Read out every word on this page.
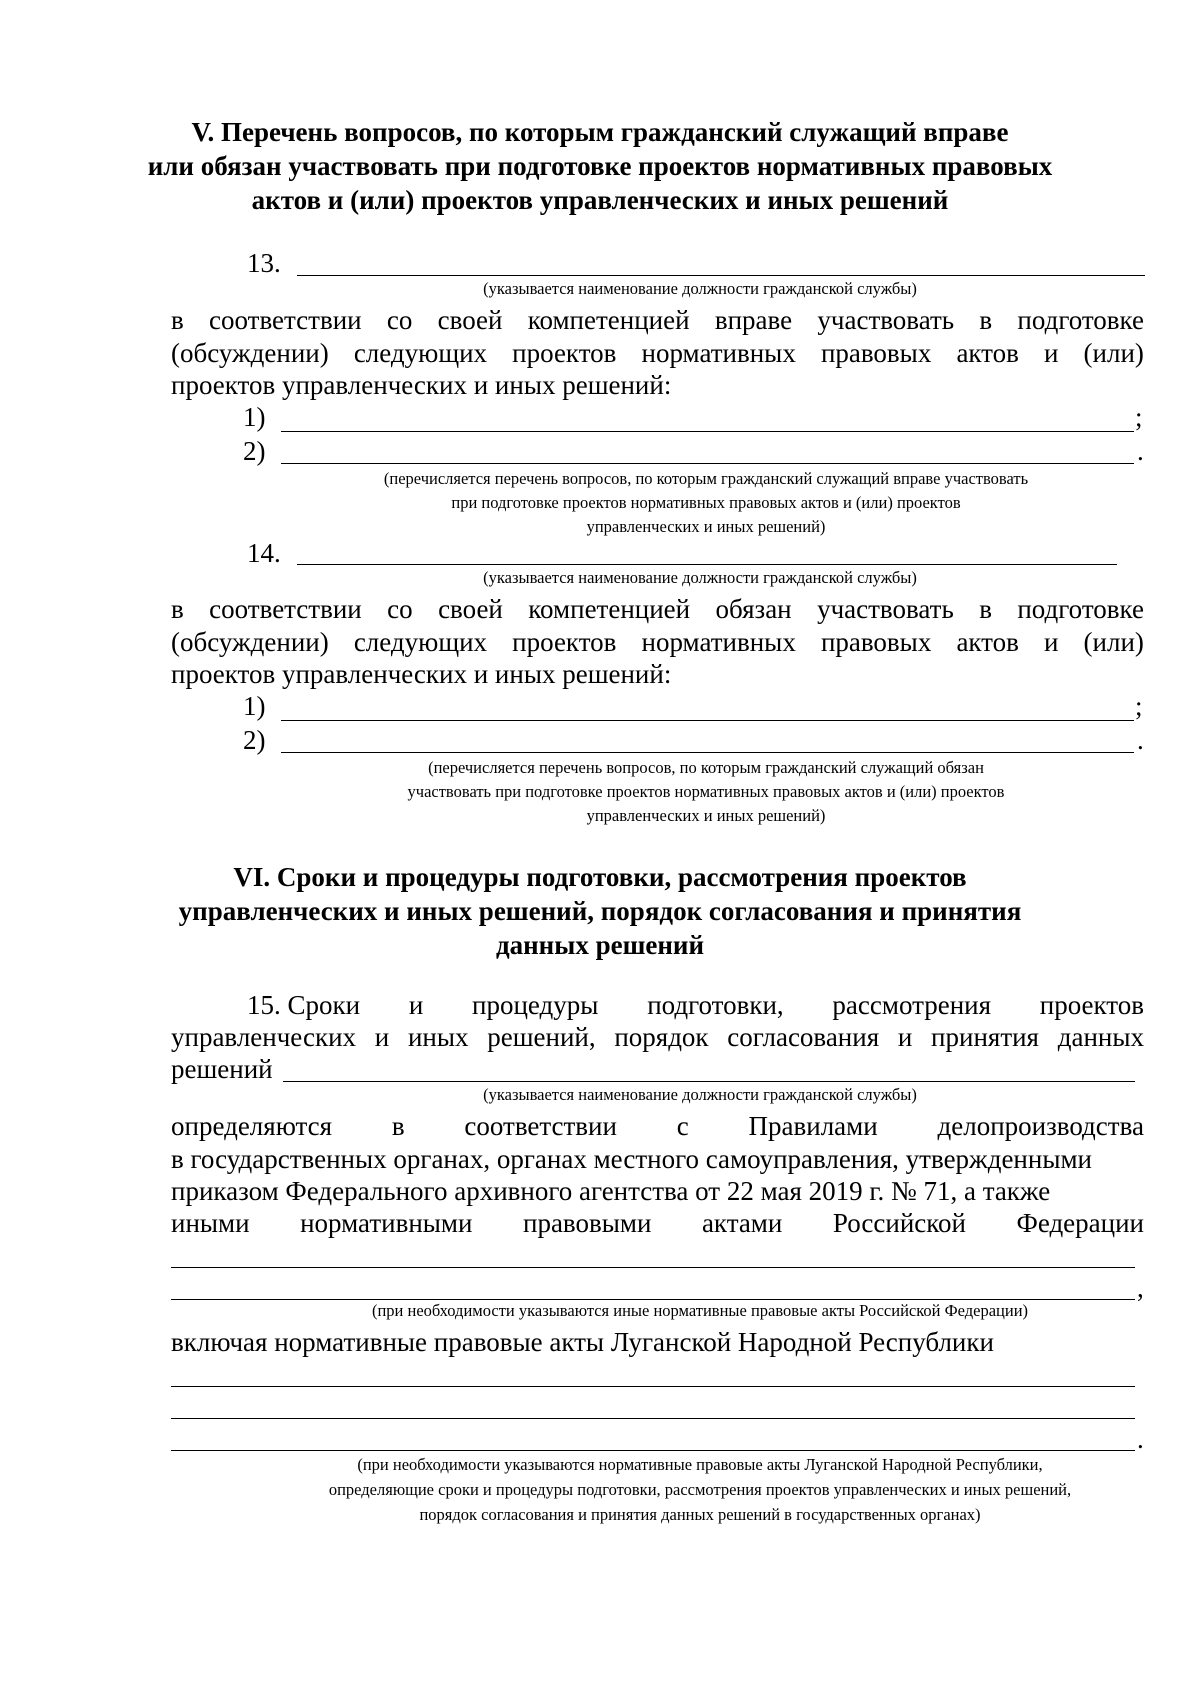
V. Перечень вопросов, по которым гражданский служащий вправе
или обязан участвовать при подготовке проектов нормативных правовых
актов и (или) проектов управленческих и иных решений
13.
(указывается наименование должности гражданской службы)
в соответствии со своей компетенцией вправе участвовать в подготовке
(обсуждении) следующих проектов нормативных правовых актов и (или)
проектов управленческих и иных решений:
1)	;
2)	.
(перечисляется перечень вопросов, по которым гражданский служащий вправе участвовать
при подготовке проектов нормативных правовых актов и (или) проектов
управленческих и иных решений)
14.
(указывается наименование должности гражданской службы)
в соответствии со своей компетенцией обязан участвовать в подготовке
(обсуждении) следующих проектов нормативных правовых актов и (или)
проектов управленческих и иных решений:
1)	;
2)	.
(перечисляется перечень вопросов, по которым гражданский служащий обязан
участвовать при подготовке проектов нормативных правовых актов и (или) проектов
управленческих и иных решений)
VI. Сроки и процедуры подготовки, рассмотрения проектов
управленческих и иных решений, порядок согласования и принятия
данных решений
15. Сроки и процедуры подготовки, рассмотрения проектов
управленческих и иных решений, порядок согласования и принятия данных
решений
(указывается наименование должности гражданской службы)
определяются в соответствии с Правилами делопроизводства
в государственных органах, органах местного самоуправления, утвержденными
приказом Федерального архивного агентства от 22 мая 2019 г. № 71, а также
иными нормативными правовыми актами Российской Федерации
,
(при необходимости указываются иные нормативные правовые акты Российской Федерации)
включая нормативные правовые акты Луганской Народной Республики
.
(при необходимости указываются нормативные правовые акты Луганской Народной Республики,
определяющие сроки и процедуры подготовки, рассмотрения проектов управленческих и иных решений,
порядок согласования и принятия данных решений в государственных органах)
